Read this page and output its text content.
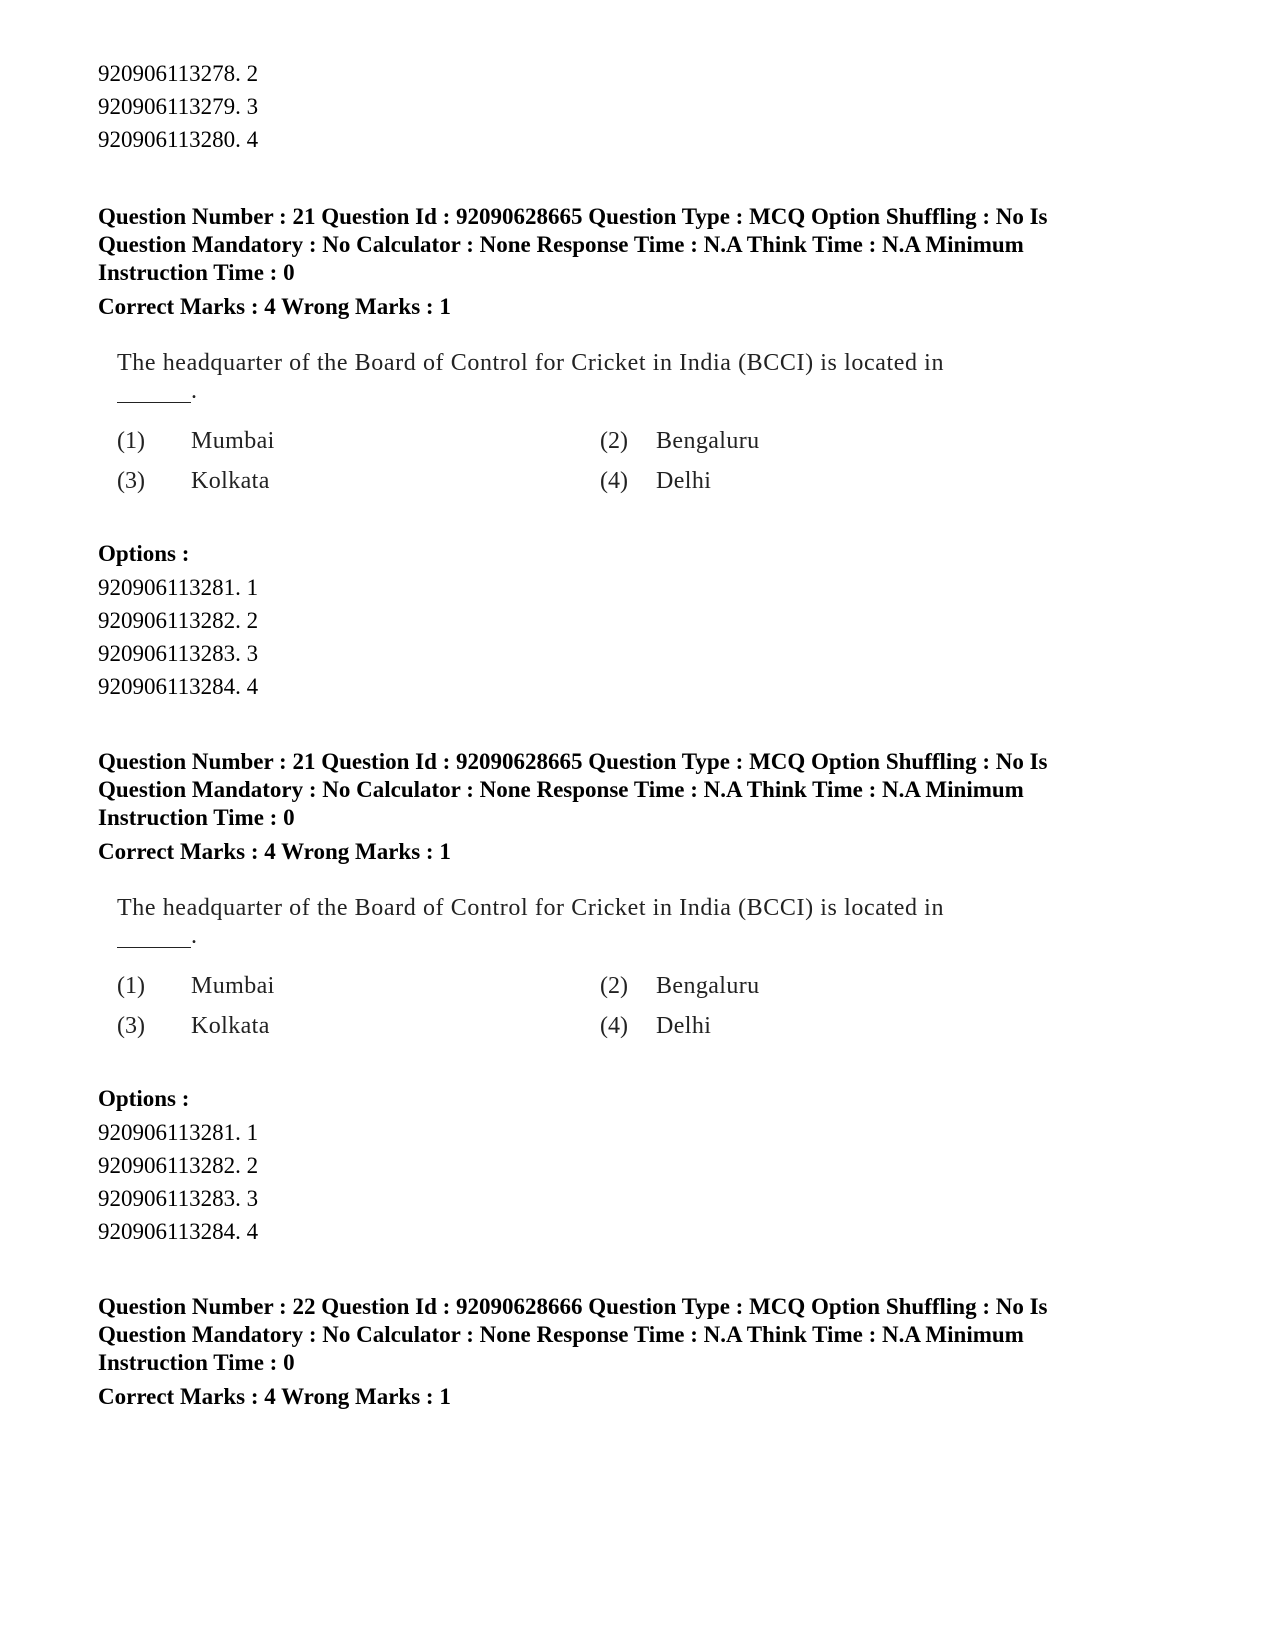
920906113278. 2
920906113279. 3
920906113280. 4
Question Number : 21 Question Id : 92090628665 Question Type : MCQ Option Shuffling : No Is
Question Mandatory : No Calculator : None Response Time : N.A Think Time : N.A Minimum
Instruction Time : 0
Correct Marks : 4 Wrong Marks : 1
The headquarter of the Board of Control for Cricket in India (BCCI) is located in
.
(1) Mumbai	(2) Bengaluru
(3) Kolkata	(4) Delhi
Options :
920906113281. 1
920906113282. 2
920906113283. 3
920906113284. 4
Question Number : 21 Question Id : 92090628665 Question Type : MCQ Option Shuffling : No Is
Question Mandatory : No Calculator : None Response Time : N.A Think Time : N.A Minimum
Instruction Time : 0
Correct Marks : 4 Wrong Marks : 1
The headquarter of the Board of Control for Cricket in India (BCCI) is located in
.
(1) Mumbai	(2) Bengaluru
(3) Kolkata	(4) Delhi
Options :
920906113281. 1
920906113282. 2
920906113283. 3
920906113284. 4
Question Number : 22 Question Id : 92090628666 Question Type : MCQ Option Shuffling : No Is
Question Mandatory : No Calculator : None Response Time : N.A Think Time : N.A Minimum
Instruction Time : 0
Correct Marks : 4 Wrong Marks : 1
